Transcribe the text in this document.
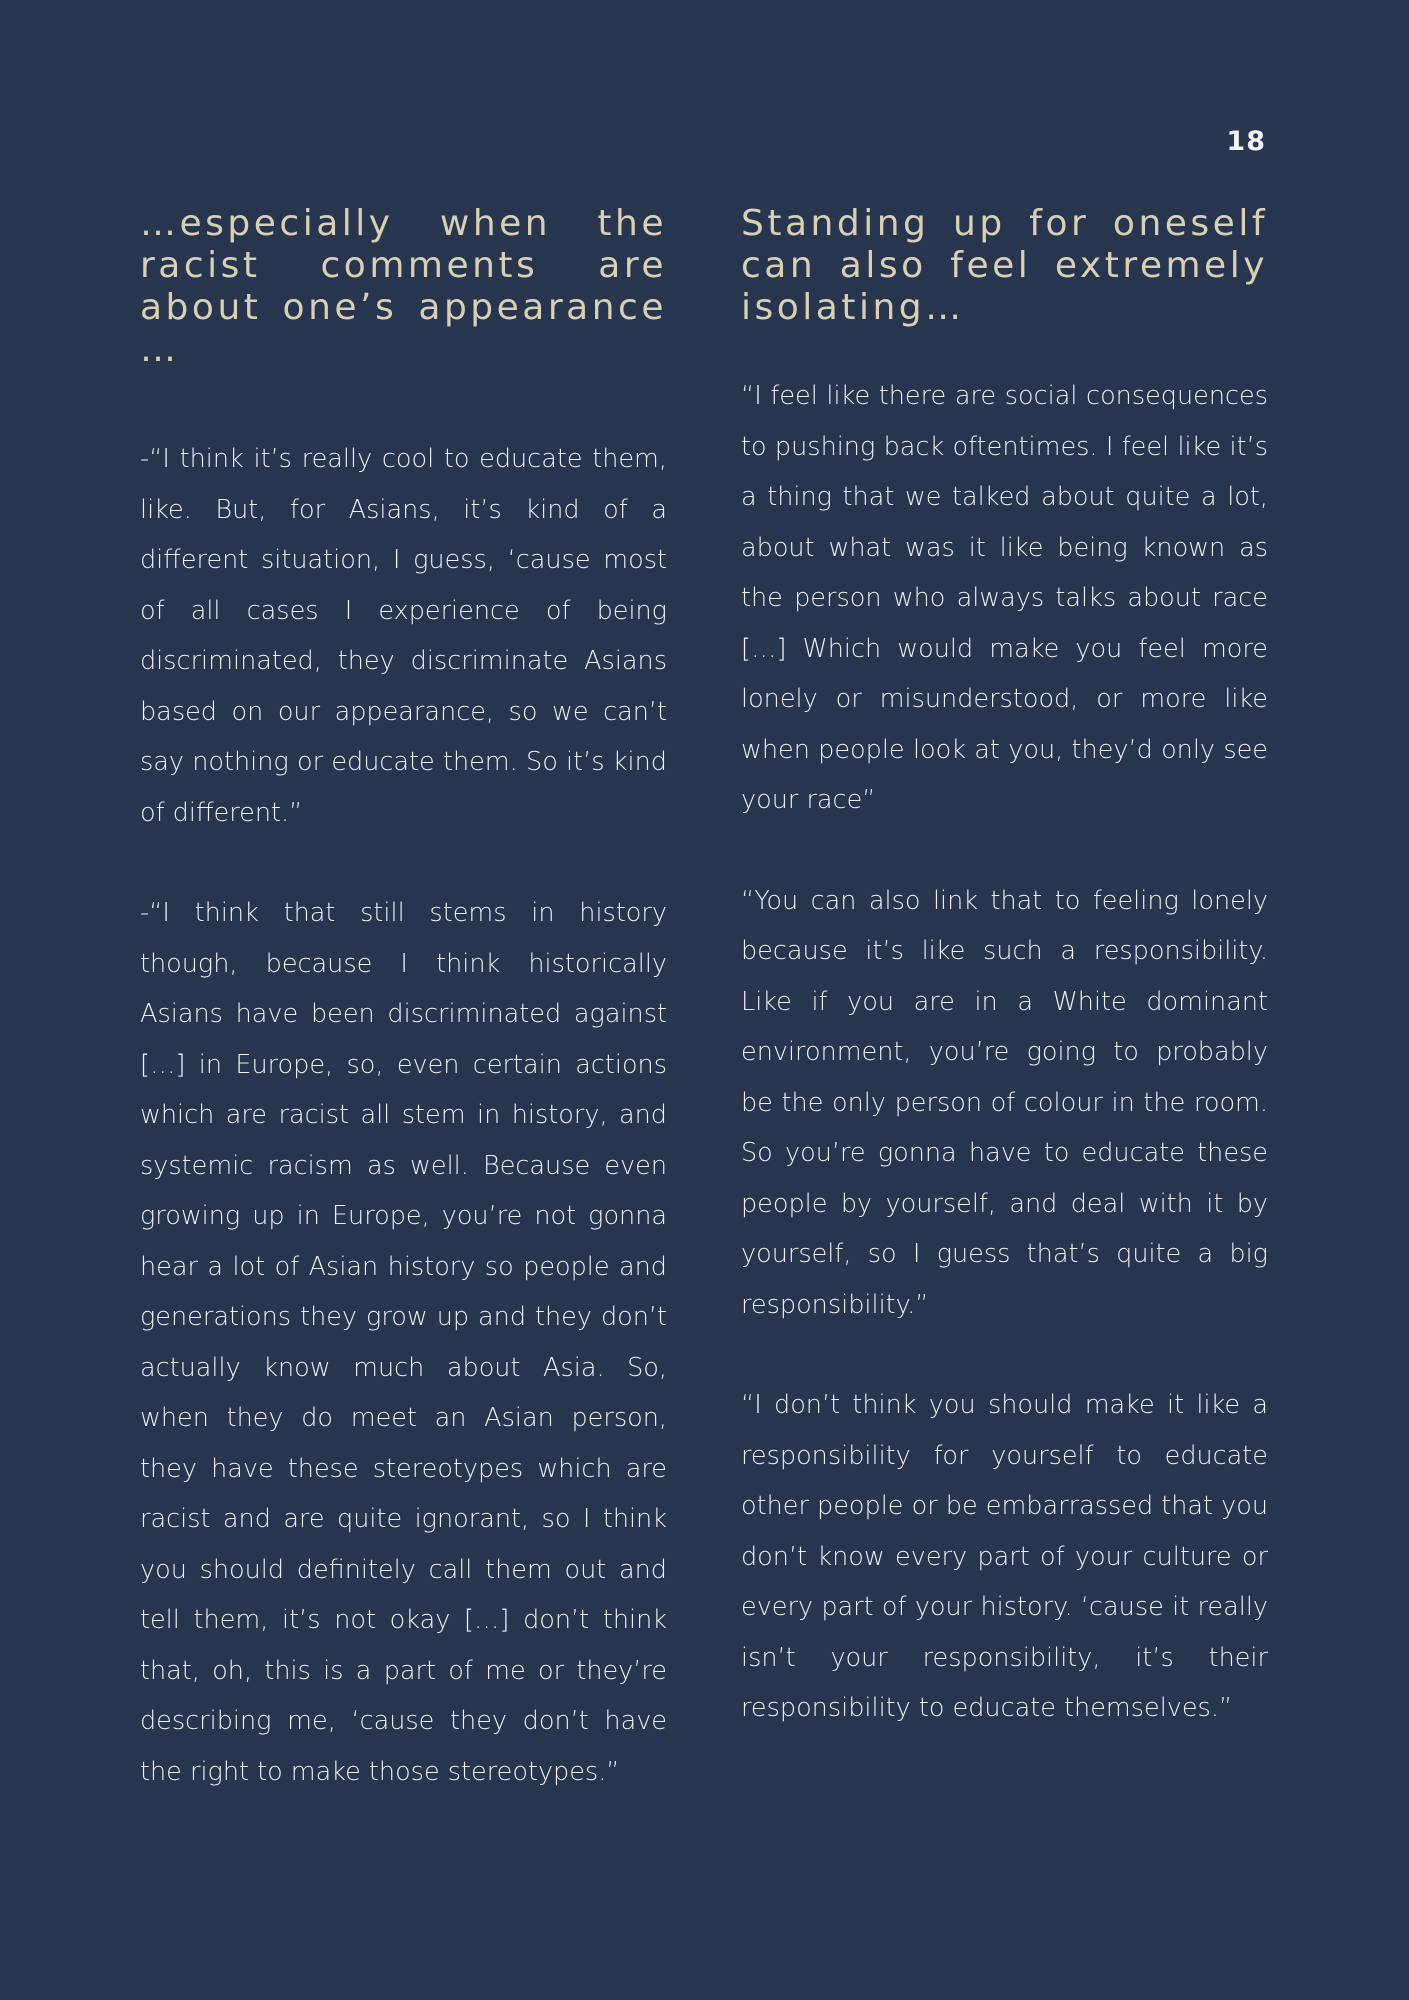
18
…especially when the racist comments are about one’s appearance …

-“I think it’s really cool to educate them, like. But, for Asians, it’s kind of a different situation, I guess, ‘cause most of all cases I experience of being discriminated, they discriminate Asians based on our appearance, so we can’t say nothing or educate them. So it’s kind of different.”

-“I think that still stems in history though, because I think historically Asians have been discriminated against […] in Europe, so, even certain actions which are racist all stem in history, and systemic racism as well. Because even growing up in Europe, you’re not gonna hear a lot of Asian history so people and generations they grow up and they don’t actually know much about Asia. So, when they do meet an Asian person, they have these stereotypes which are racist and are quite ignorant, so I think you should definitely call them out and tell them, it’s not okay […] don’t think that, oh, this is a part of me or they’re describing me, ‘cause they don’t have the right to make those stereotypes.”

Standing up for oneself can also feel extremely isolating…

“I feel like there are social consequences to pushing back oftentimes. I feel like it’s a thing that we talked about quite a lot, about what was it like being known as the person who always talks about race […] Which would make you feel more lonely or misunderstood, or more like when people look at you, they’d only see your race”

“You can also link that to feeling lonely because it’s like such a responsibility. Like if you are in a White dominant environment, you’re going to probably be the only person of colour in the room. So you’re gonna have to educate these people by yourself, and deal with it by yourself, so I guess that’s quite a big responsibility.”

“I don’t think you should make it like a responsibility for yourself to educate other people or be embarrassed that you don’t know every part of your culture or every part of your history. ‘cause it really isn’t your responsibility, it’s their responsibility to educate themselves.”
